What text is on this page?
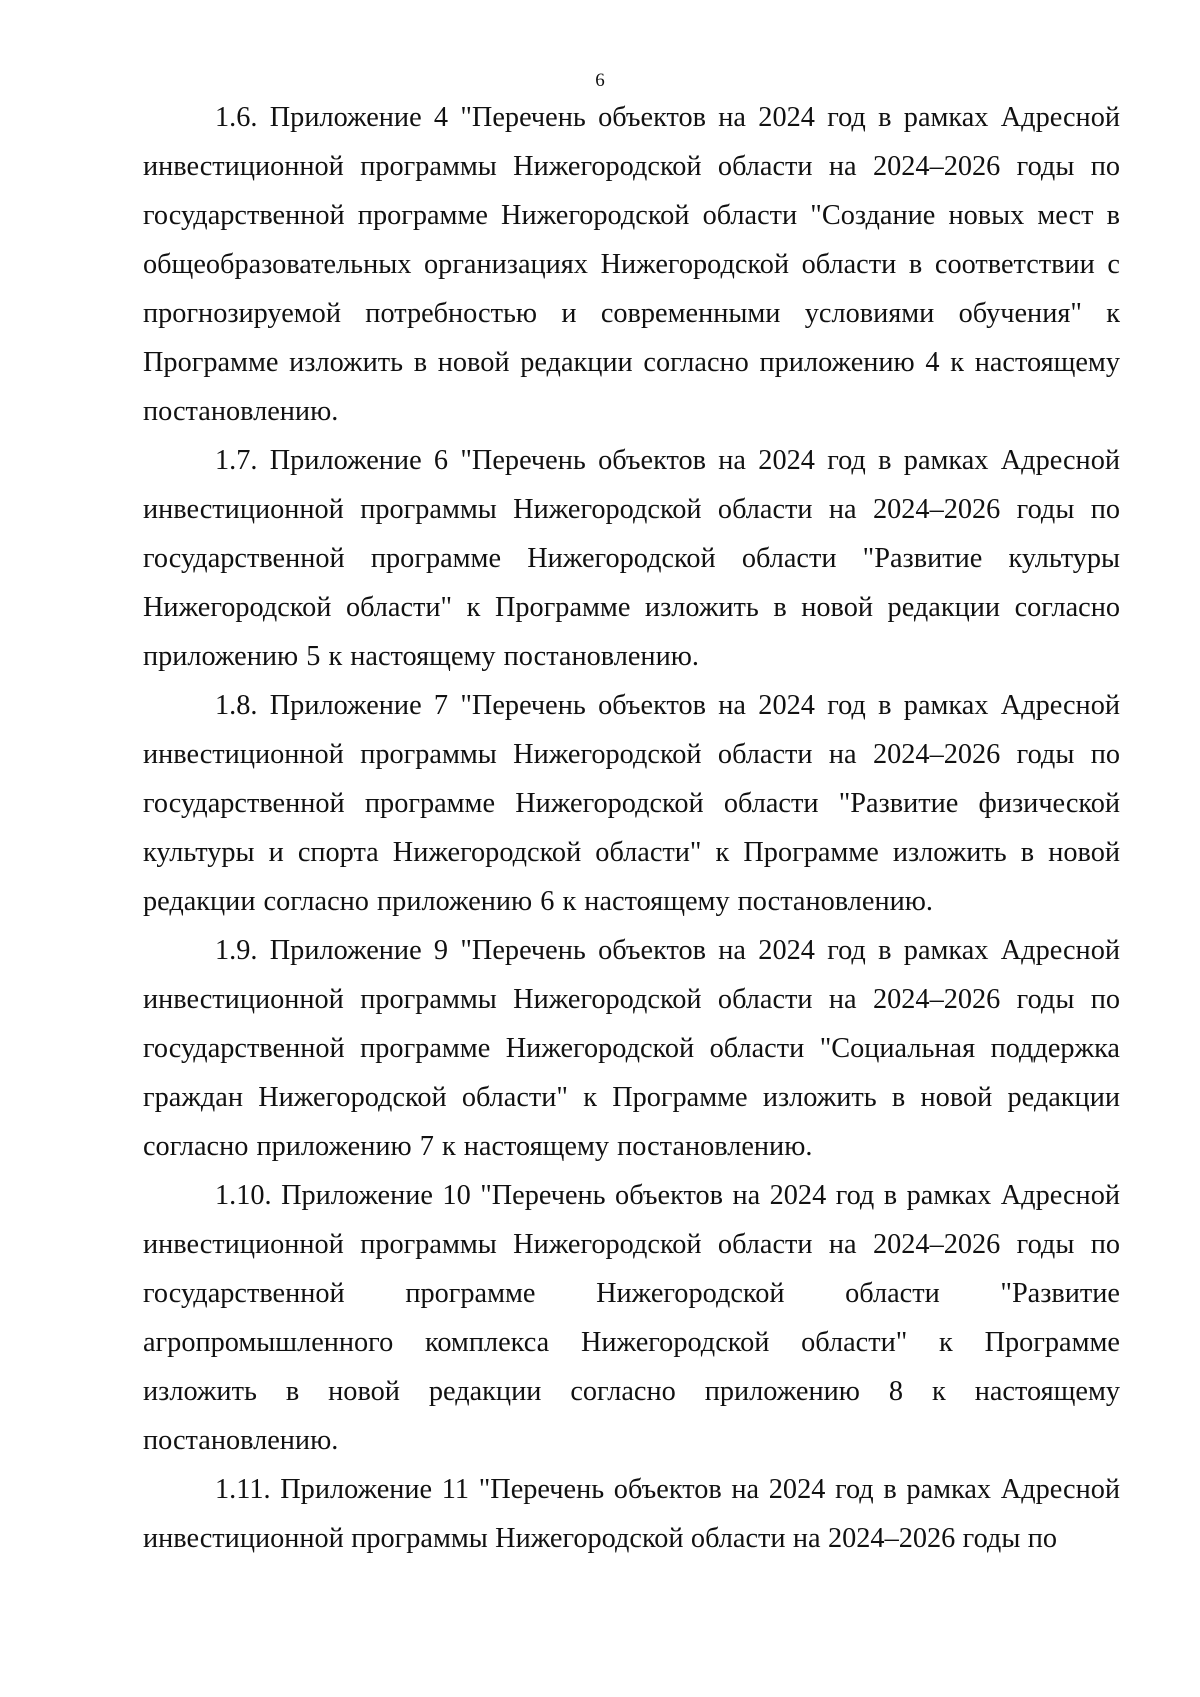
6

1.6. Приложение 4 "Перечень объектов на 2024 год в рамках Адресной инвестиционной программы Нижегородской области на 2024–2026 годы по государственной программе Нижегородской области "Создание новых мест в общеобразовательных организациях Нижегородской области в соответствии с прогнозируемой потребностью и современными условиями обучения" к Программе изложить в новой редакции согласно приложению 4 к настоящему постановлению.

1.7. Приложение 6 "Перечень объектов на 2024 год в рамках Адресной инвестиционной программы Нижегородской области на 2024–2026 годы по государственной программе Нижегородской области "Развитие культуры Нижегородской области" к Программе изложить в новой редакции согласно приложению 5 к настоящему постановлению.

1.8. Приложение 7 "Перечень объектов на 2024 год в рамках Адресной инвестиционной программы Нижегородской области на 2024–2026 годы по государственной программе Нижегородской области "Развитие физической культуры и спорта Нижегородской области" к Программе изложить в новой редакции согласно приложению 6 к настоящему постановлению.

1.9. Приложение 9 "Перечень объектов на 2024 год в рамках Адресной инвестиционной программы Нижегородской области на 2024–2026 годы по государственной программе Нижегородской области "Социальная поддержка граждан Нижегородской области" к Программе изложить в новой редакции согласно приложению 7 к настоящему постановлению.

1.10. Приложение 10 "Перечень объектов на 2024 год в рамках Адресной инвестиционной программы Нижегородской области на 2024–2026 годы по государственной программе Нижегородской области "Развитие агропромышленного комплекса Нижегородской области" к Программе изложить в новой редакции согласно приложению 8 к настоящему постановлению.

1.11. Приложение 11 "Перечень объектов на 2024 год в рамках Адресной инвестиционной программы Нижегородской области на 2024–2026 годы по
